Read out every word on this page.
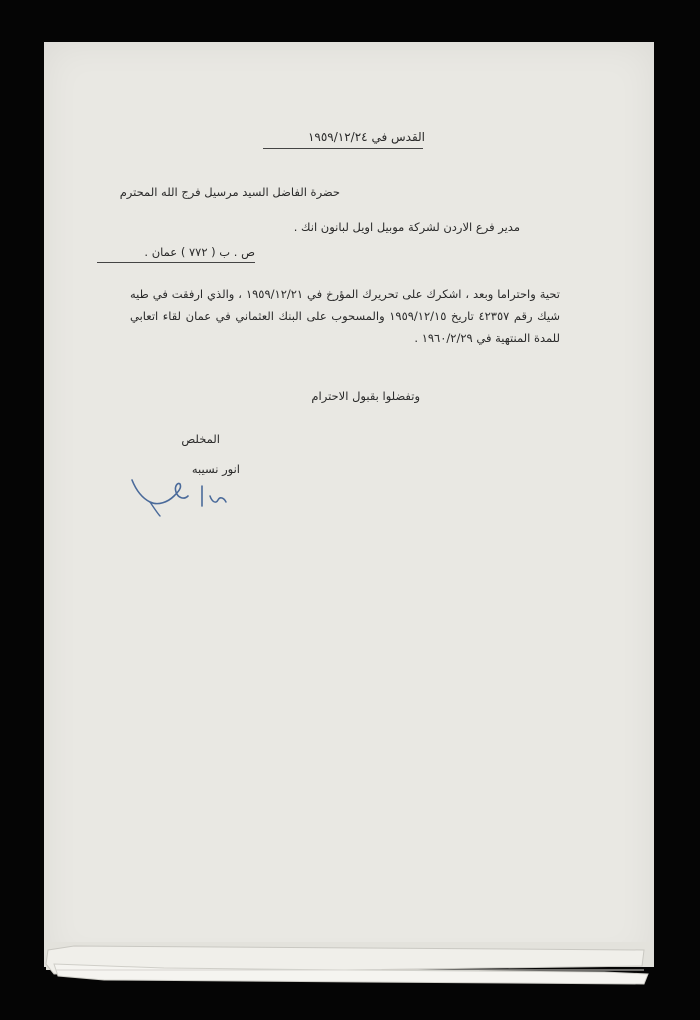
القدس في ١٩٥٩/١٢/٢٤
حضرة الفاضل السيد مرسيل فرج الله المحترم
مدير فرع الاردن لشركة موبيل اويل لبانون انك .
ص . ب ( ٧٧٢ ) عمان .
تحية واحتراما وبعد ، اشكرك على تحريرك المؤرخ في ١٩٥٩/١٢/٢١ ، والذي ارفقت في طيه شيك رقم ٤٢٣٥٧ تاريخ ١٩٥٩/١٢/١٥ والمسحوب على البنك العثماني في عمان لقاء اتعابي للمدة المنتهية في ١٩٦٠/٢/٢٩ .
وتفضلوا بقبول الاحترام
المخلص
انور نسيبه
